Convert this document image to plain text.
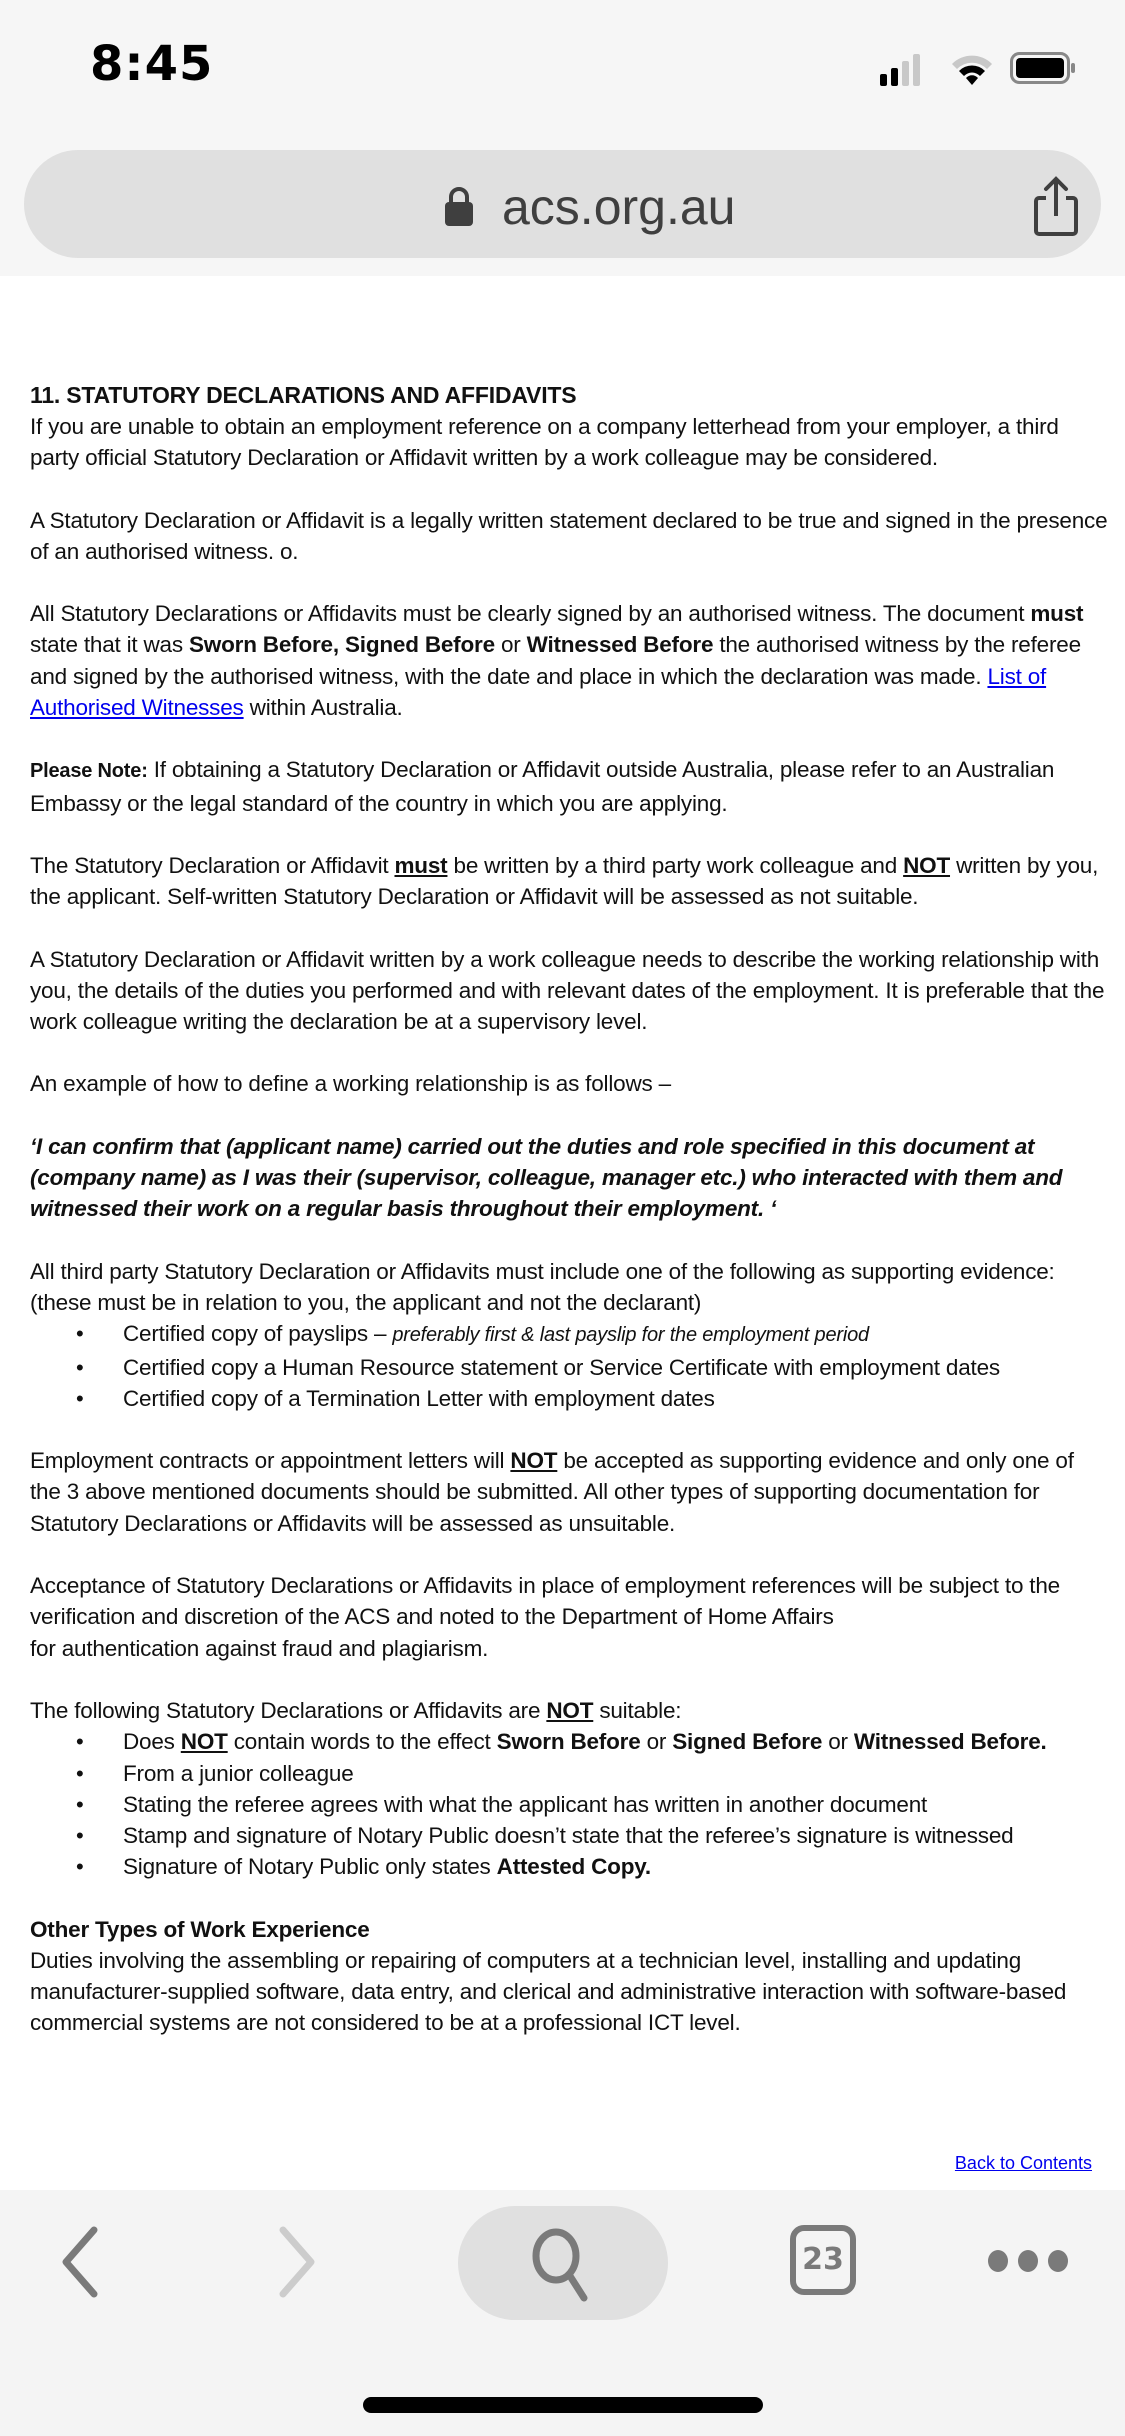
8:45
acs.org.au
11. STATUTORY DECLARATIONS AND AFFIDAVITS

If you are unable to obtain an employment reference on a company letterhead from your employer, a third party official Statutory Declaration or Affidavit written by a work colleague may be considered.

A Statutory Declaration or Affidavit is a legally written statement declared to be true and signed in the presence of an authorised witness. o.

All Statutory Declarations or Affidavits must be clearly signed by an authorised witness. The document must state that it was Sworn Before, Signed Before or Witnessed Before the authorised witness by the referee and signed by the authorised witness, with the date and place in which the declaration was made. List of Authorised Witnesses within Australia.

Please Note: If obtaining a Statutory Declaration or Affidavit outside Australia, please refer to an Australian Embassy or the legal standard of the country in which you are applying.

The Statutory Declaration or Affidavit must be written by a third party work colleague and NOT written by you, the applicant. Self-written Statutory Declaration or Affidavit will be assessed as not suitable.

A Statutory Declaration or Affidavit written by a work colleague needs to describe the working relationship with you, the details of the duties you performed and with relevant dates of the employment. It is preferable that the work colleague writing the declaration be at a supervisory level.

An example of how to define a working relationship is as follows –

‘I can confirm that (applicant name) carried out the duties and role specified in this document at (company name) as I was their (supervisor, colleague, manager etc.) who interacted with them and witnessed their work on a regular basis throughout their employment. ‘

All third party Statutory Declaration or Affidavits must include one of the following as supporting evidence: (these must be in relation to you, the applicant and not the declarant)

• Certified copy of payslips – preferably first & last payslip for the employment period
• Certified copy a Human Resource statement or Service Certificate with employment dates
• Certified copy of a Termination Letter with employment dates

Employment contracts or appointment letters will NOT be accepted as supporting evidence and only one of the 3 above mentioned documents should be submitted. All other types of supporting documentation for Statutory Declarations or Affidavits will be assessed as unsuitable.

Acceptance of Statutory Declarations or Affidavits in place of employment references will be subject to the verification and discretion of the ACS and noted to the Department of Home Affairs
for authentication against fraud and plagiarism.

The following Statutory Declarations or Affidavits are NOT suitable:

• Does NOT contain words to the effect Sworn Before or Signed Before or Witnessed Before.
• From a junior colleague
• Stating the referee agrees with what the applicant has written in another document
• Stamp and signature of Notary Public doesn’t state that the referee’s signature is witnessed
• Signature of Notary Public only states Attested Copy.
Other Types of Work Experience

Duties involving the assembling or repairing of computers at a technician level, installing and updating manufacturer-supplied software, data entry, and clerical and administrative interaction with software-based commercial systems are not considered to be at a professional ICT level.

Back to Contents
23
